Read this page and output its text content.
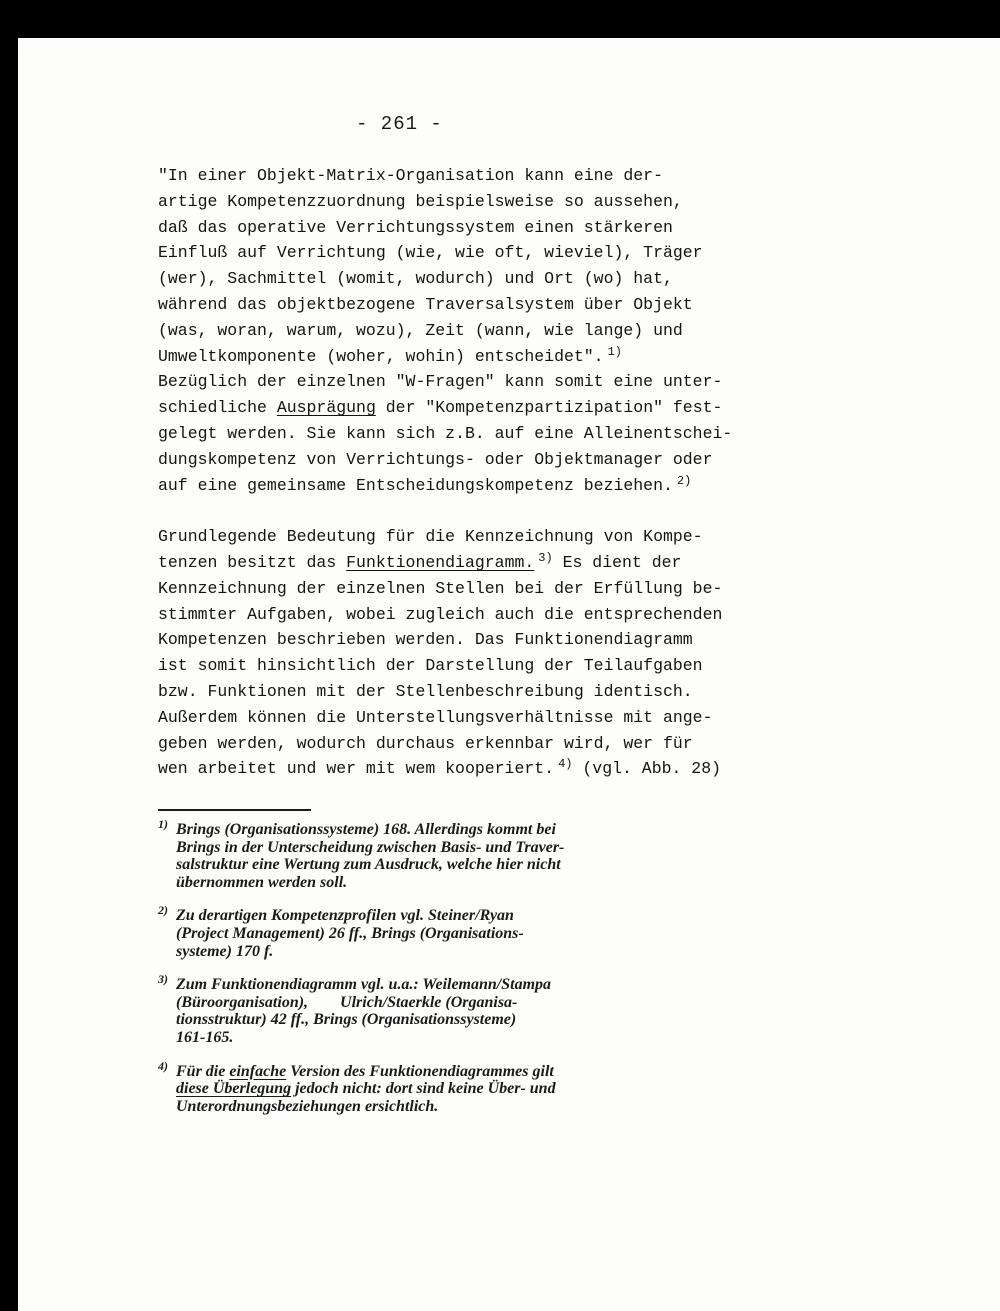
- 261 -
"In einer Objekt-Matrix-Organisation kann eine der-
artige Kompetenzzuordnung beispielsweise so aussehen,
daß das operative Verrichtungssystem einen stärkeren
Einfluß auf Verrichtung (wie, wie oft, wieviel), Träger
(wer), Sachmittel (womit, wodurch) und Ort (wo) hat,
während das objektbezogene Traversalsystem über Objekt
(was, woran, warum, wozu), Zeit (wann, wie lange) und
Umweltkomponente (woher, wohin) entscheidet". $^{1)}$
Bezüglich der einzelnen "W-Fragen" kann somit eine unter-
schiedliche Ausprägung der "Kompetenzpartizipation" fest-
gelegt werden. Sie kann sich z.B. auf eine Alleinentschei-
dungskompetenz von Verrichtungs- oder Objektmanager oder
auf eine gemeinsame Entscheidungskompetenz beziehen. $^{2)}$
Grundlegende Bedeutung für die Kennzeichnung von Kompe-
tenzen besitzt das Funktionendiagramm. $^{3)}$ Es dient der
Kennzeichnung der einzelnen Stellen bei der Erfüllung be-
stimmter Aufgaben, wobei zugleich auch die entsprechenden
Kompetenzen beschrieben werden. Das Funktionendiagramm
ist somit hinsichtlich der Darstellung der Teilaufgaben
bzw. Funktionen mit der Stellenbeschreibung identisch.
Außerdem können die Unterstellungsverhältnisse mit ange-
geben werden, wodurch durchaus erkennbar wird, wer für
wen arbeitet und wer mit wem kooperiert. $^{4)}$ (vgl. Abb. 28)
1) Brings (Organisationssysteme) 168. Allerdings kommt bei
Brings in der Unterscheidung zwischen Basis- und Traver-
salstruktur eine Wertung zum Ausdruck, welche hier nicht
übernommen werden soll.
2) Zu derartigen Kompetenzprofilen vgl. Steiner/Ryan
(Project Management) 26 ff., Brings (Organisations-
systeme) 170 f.
3) Zum Funktionendiagramm vgl. u.a.: Weilemann/Stampa
(Büroorganisation),        Ulrich/Staerkle (Organisa-
tionsstruktur) 42 ff., Brings (Organisationssysteme)
161-165.
4) Für die einfache Version des Funktionendiagrammes gilt
diese Überlegung jedoch nicht: dort sind keine Über- und
Unterordnungsbeziehungen ersichtlich.
